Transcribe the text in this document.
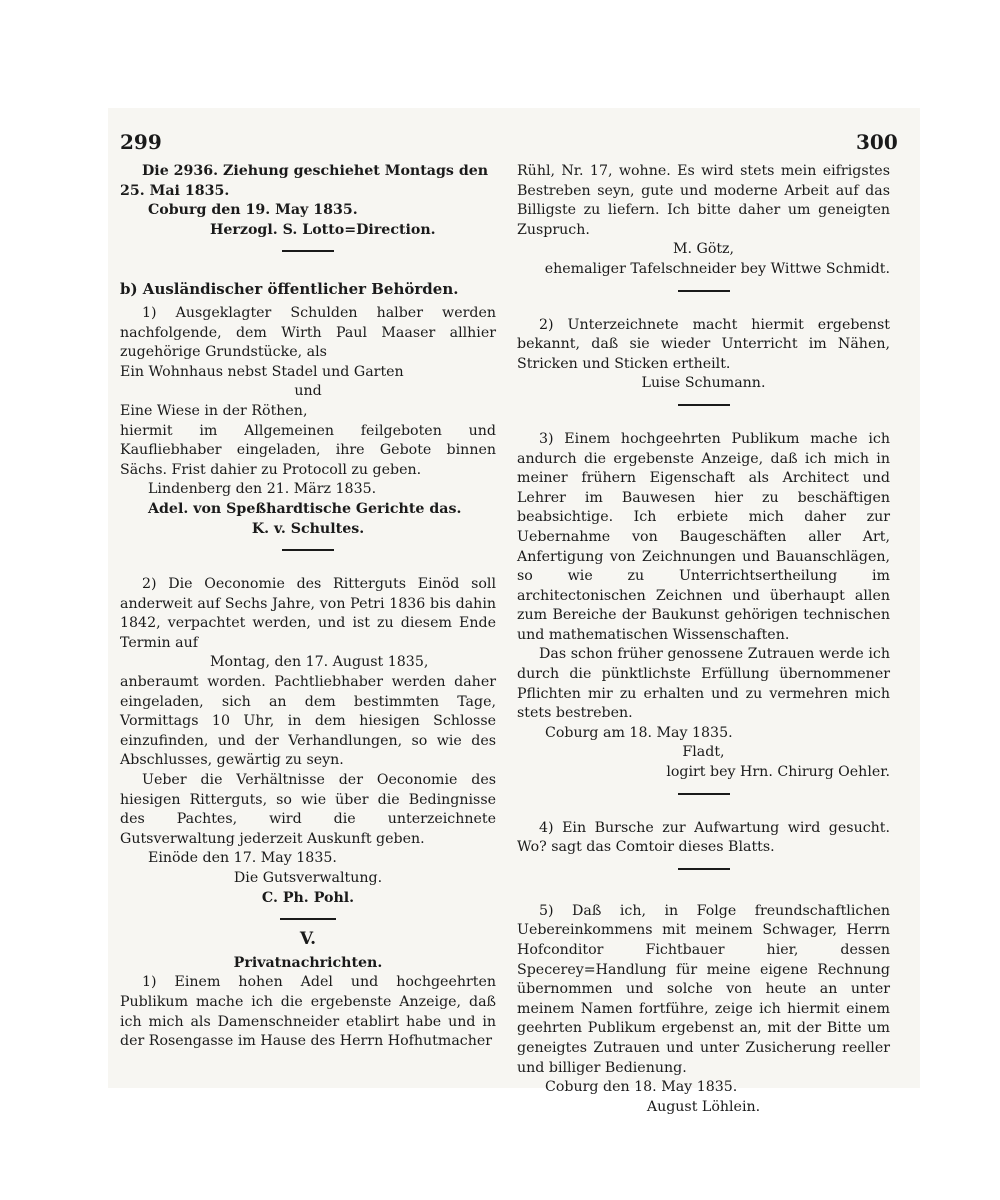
299	300

Die 2936. Ziehung geschiehet Montags den

25. Mai 1835.

Coburg den 19. May 1835.

Herzogl. S. Lotto=Direction.

b) Ausländischer öffentlicher Behörden.

1) Ausgeklagter Schulden halber werden nachfolgende, dem Wirth Paul Maaser allhier zugehörige Grundstücke, als

Ein Wohnhaus nebst Stadel und Garten

und

Eine Wiese in der Röthen,

hiermit im Allgemeinen feilgeboten und Kaufliebhaber eingeladen, ihre Gebote binnen Sächs. Frist dahier zu Protocoll zu geben.

Lindenberg den 21. März 1835.

Adel. von Speßhardtische Gerichte das.

K. v. Schultes.

2) Die Oeconomie des Ritterguts Einöd soll anderweit auf Sechs Jahre, von Petri 1836 bis dahin 1842, verpachtet werden, und ist zu diesem Ende Termin auf

Montag, den 17. August 1835,

anberaumt worden. Pachtliebhaber werden daher eingeladen, sich an dem bestimmten Tage, Vormittags 10 Uhr, in dem hiesigen Schlosse einzufinden, und der Verhandlungen, so wie des Abschlusses, gewärtig zu seyn.

Ueber die Verhältnisse der Oeconomie des hiesigen Ritterguts, so wie über die Bedingnisse des Pachtes, wird die unterzeichnete Gutsverwaltung jederzeit Auskunft geben.

Einöde den 17. May 1835.

Die Gutsverwaltung.

C. Ph. Pohl.

V.

Privatnachrichten.

1) Einem hohen Adel und hochgeehrten Publikum mache ich die ergebenste Anzeige, daß ich mich als Damenschneider etablirt habe und in der Rosengasse im Hause des Herrn Hofhutmacher

Rühl, Nr. 17, wohne. Es wird stets mein eifrigstes Bestreben seyn, gute und moderne Arbeit auf das Billigste zu liefern. Ich bitte daher um geneigten Zuspruch.

M. Götz,

ehemaliger Tafelschneider bey Wittwe Schmidt.

2) Unterzeichnete macht hiermit ergebenst bekannt, daß sie wieder Unterricht im Nähen, Stricken und Sticken ertheilt.

Luise Schumann.

3) Einem hochgeehrten Publikum mache ich andurch die ergebenste Anzeige, daß ich mich in meiner frühern Eigenschaft als Architect und Lehrer im Bauwesen hier zu beschäftigen beabsichtige. Ich erbiete mich daher zur Uebernahme von Baugeschäften aller Art, Anfertigung von Zeichnungen und Bauanschlägen, so wie zu Unterrichtsertheilung im architectonischen Zeichnen und überhaupt allen zum Bereiche der Baukunst gehörigen technischen und mathematischen Wissenschaften.

Das schon früher genossene Zutrauen werde ich durch die pünktlichste Erfüllung übernommener Pflichten mir zu erhalten und zu vermehren mich stets bestreben.

Coburg am 18. May 1835.

Fladt,

logirt bey Hrn. Chirurg Oehler.

4) Ein Bursche zur Aufwartung wird gesucht. Wo? sagt das Comtoir dieses Blatts.

5) Daß ich, in Folge freundschaftlichen Uebereinkommens mit meinem Schwager, Herrn Hofconditor Fichtbauer hier, dessen Specerey=Handlung für meine eigene Rechnung übernommen und solche von heute an unter meinem Namen fortführe, zeige ich hiermit einem geehrten Publikum ergebenst an, mit der Bitte um geneigtes Zutrauen und unter Zusicherung reeller und billiger Bedienung.

Coburg den 18. May 1835.

August Löhlein.
